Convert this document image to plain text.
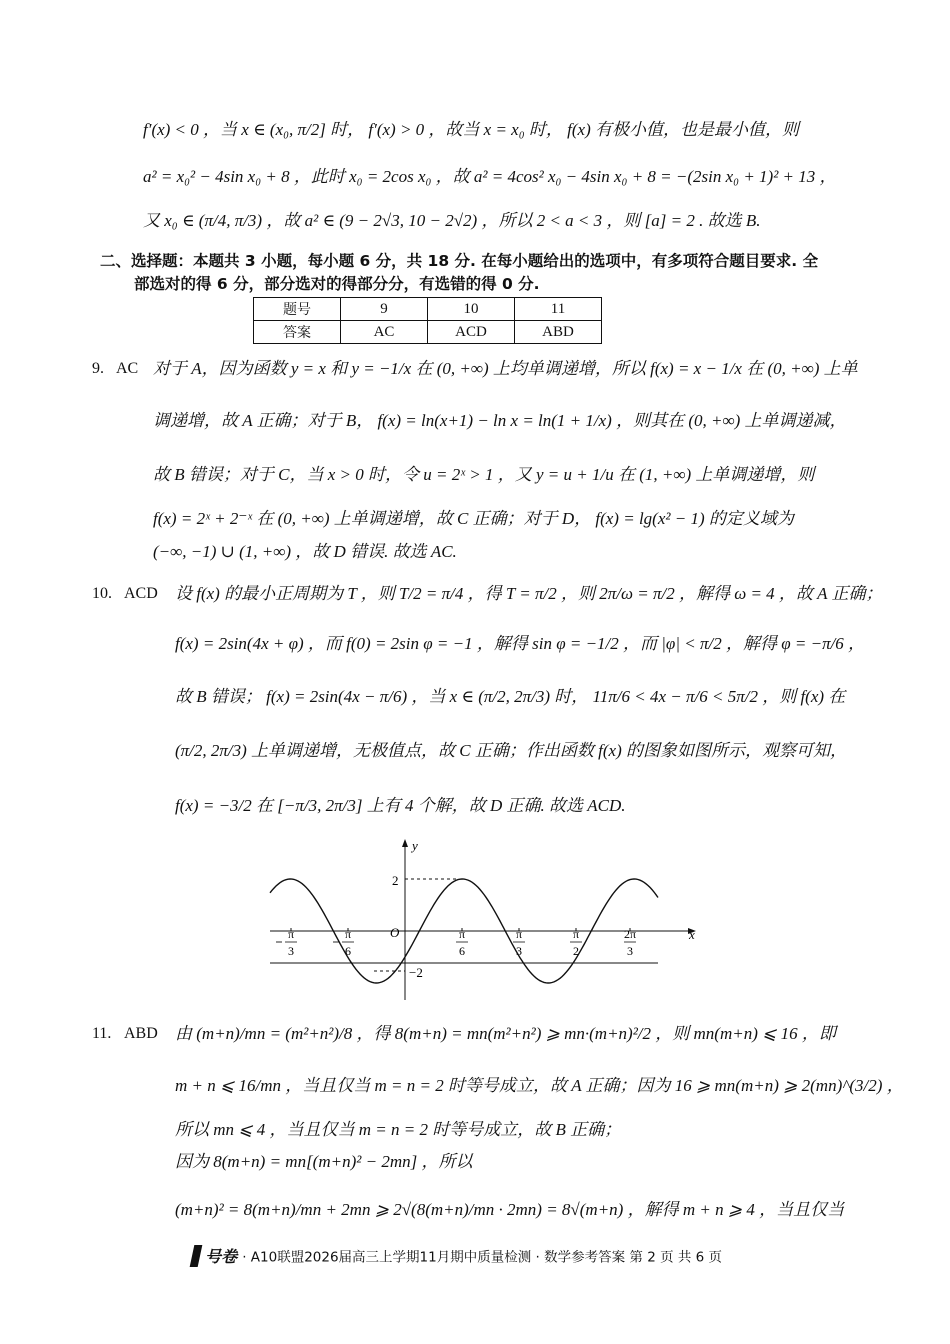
f′(x) < 0 ，当 x ∈ (x₀, π/2] 时， f′(x) > 0 ，故当 x = x₀ 时， f(x) 有极小值，也是最小值，则
a² = x₀² − 4sin x₀ + 8 ，此时 x₀ = 2cos x₀ ，故 a² = 4cos² x₀ − 4sin x₀ + 8 = −(2sin x₀ + 1)² + 13 ，
又 x₀ ∈ (π/4, π/3) ，故 a² ∈ (9 − 2√3, 10 − 2√2) ，所以 2 < a < 3 ，则 [a] = 2 . 故选 B.
二、选择题：本题共 3 小题，每小题 6 分，共 18 分. 在每小题给出的选项中，有多项符合题目要求. 全
部选对的得 6 分，部分选对的得部分分，有选错的得 0 分.
题号	9	10	11
答案	AC	ACD	ABD
9. AC 对于 A，因为函数 y = x 和 y = −1/x 在 (0, +∞) 上均单调递增，所以 f(x) = x − 1/x 在 (0, +∞) 上单
调递增，故 A 正确；对于 B， f(x) = ln(x+1) − ln x = ln(1 + 1/x) ，则其在 (0, +∞) 上单调递减，
故 B 错误；对于 C，当 x > 0 时，令 u = 2ˣ > 1 ，又 y = u + 1/u 在 (1, +∞) 上单调递增，则
f(x) = 2ˣ + 2⁻ˣ 在 (0, +∞) 上单调递增，故 C 正确；对于 D， f(x) = lg(x² − 1) 的定义域为
(−∞, −1) ∪ (1, +∞) ，故 D 错误. 故选 AC.
10. ACD 设 f(x) 的最小正周期为 T ，则 T/2 = π/4 ，得 T = π/2 ，则 2π/ω = π/2 ，解得 ω = 4 ，故 A 正确；
f(x) = 2sin(4x + φ) ，而 f(0) = 2sin φ = −1 ，解得 sin φ = −1/2 ，而 |φ| < π/2 ，解得 φ = −π/6 ，
故 B 错误； f(x) = 2sin(4x − π/6) ，当 x ∈ (π/2, 2π/3) 时， 11π/6 < 4x − π/6 < 5π/2 ，则 f(x) 在
(π/2, 2π/3) 上单调递增，无极值点，故 C 正确；作出函数 f(x) 的图象如图所示，观察可知，
f(x) = −3/2 在 [−π/3, 2π/3] 上有 4 个解，故 D 正确. 故选 ACD.
y
x
O
2
−2
π
3
π
6
π
6
π
3
π
2
2π
3
11. ABD 由 (m+n)/mn = (m²+n²)/8 ，得 8(m+n) = mn(m²+n²) ⩾ mn·(m+n)²/2 ，则 mn(m+n) ⩽ 16 ，即
m + n ⩽ 16/mn ，当且仅当 m = n = 2 时等号成立，故 A 正确；因为 16 ⩾ mn(m+n) ⩾ 2(mn)^(3/2) ，
所以 mn ⩽ 4 ，当且仅当 m = n = 2 时等号成立，故 B 正确；
因为 8(m+n) = mn[(m+n)² − 2mn] ，所以
(m+n)² = 8(m+n)/mn + 2mn ⩾ 2√(8(m+n)/mn · 2mn) = 8√(m+n) ，解得 m + n ⩾ 4 ，当且仅当
号卷 · A10联盟2026届高三上学期11月期中质量检测 · 数学参考答案 第 2 页 共 6 页
